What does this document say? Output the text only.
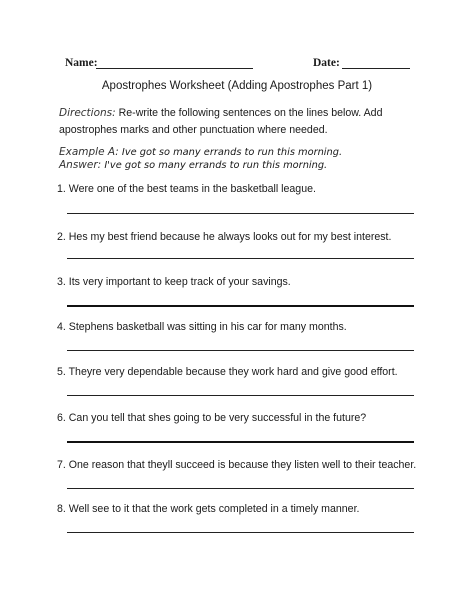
Name:	Date:
Apostrophes Worksheet (Adding Apostrophes Part 1)
Directions: Re-write the following sentences on the lines below. Add apostrophes marks and other punctuation where needed.
Example A: Ive got so many errands to run this morning.
Answer: I've got so many errands to run this morning.
1. Were one of the best teams in the basketball league.
2. Hes my best friend because he always looks out for my best interest.
3. Its very important to keep track of your savings.
4. Stephens basketball was sitting in his car for many months.
5. Theyre very dependable because they work hard and give good effort.
6. Can you tell that shes going to be very successful in the future?
7. One reason that theyll succeed is because they listen well to their teacher.
8. Well see to it that the work gets completed in a timely manner.
